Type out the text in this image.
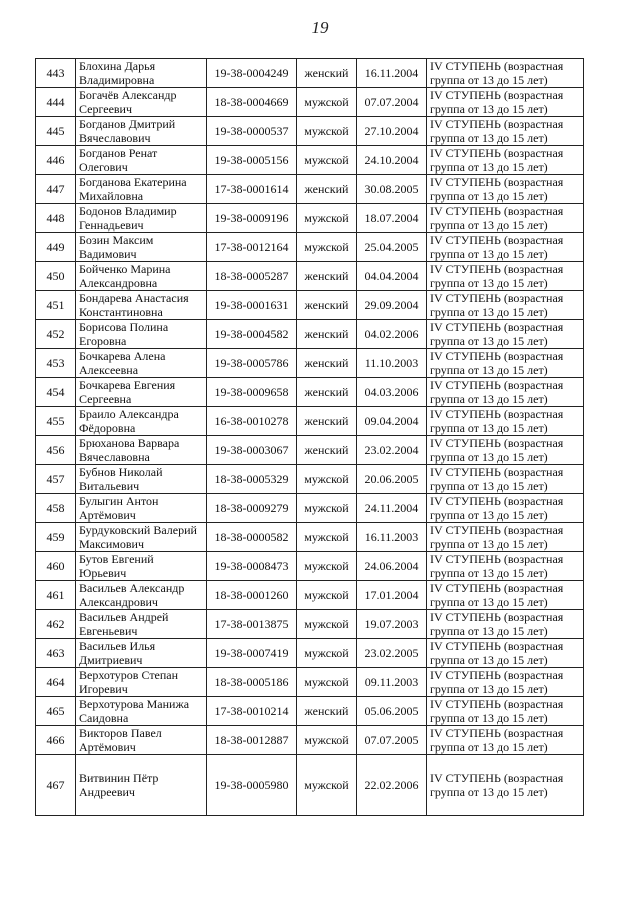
19
443	Блохина Дарья Владимировна	19-38-0004249	женский	16.11.2004	IV СТУПЕНЬ (возрастная группа от 13 до 15 лет)
444	Богачёв Александр Сергеевич	18-38-0004669	мужской	07.07.2004	IV СТУПЕНЬ (возрастная группа от 13 до 15 лет)
445	Богданов Дмитрий Вячеславович	19-38-0000537	мужской	27.10.2004	IV СТУПЕНЬ (возрастная группа от 13 до 15 лет)
446	Богданов Ренат Олегович	19-38-0005156	мужской	24.10.2004	IV СТУПЕНЬ (возрастная группа от 13 до 15 лет)
447	Богданова Екатерина Михайловна	17-38-0001614	женский	30.08.2005	IV СТУПЕНЬ (возрастная группа от 13 до 15 лет)
448	Бодонов Владимир Геннадьевич	19-38-0009196	мужской	18.07.2004	IV СТУПЕНЬ (возрастная группа от 13 до 15 лет)
449	Бозин Максим Вадимович	17-38-0012164	мужской	25.04.2005	IV СТУПЕНЬ (возрастная группа от 13 до 15 лет)
450	Бойченко Марина Александровна	18-38-0005287	женский	04.04.2004	IV СТУПЕНЬ (возрастная группа от 13 до 15 лет)
451	Бондарева Анастасия Константиновна	19-38-0001631	женский	29.09.2004	IV СТУПЕНЬ (возрастная группа от 13 до 15 лет)
452	Борисова Полина Егоровна	19-38-0004582	женский	04.02.2006	IV СТУПЕНЬ (возрастная группа от 13 до 15 лет)
453	Бочкарева Алена Алексеевна	19-38-0005786	женский	11.10.2003	IV СТУПЕНЬ (возрастная группа от 13 до 15 лет)
454	Бочкарева Евгения Сергеевна	19-38-0009658	женский	04.03.2006	IV СТУПЕНЬ (возрастная группа от 13 до 15 лет)
455	Браило Александра Фёдоровна	16-38-0010278	женский	09.04.2004	IV СТУПЕНЬ (возрастная группа от 13 до 15 лет)
456	Брюханова Варвара Вячеславовна	19-38-0003067	женский	23.02.2004	IV СТУПЕНЬ (возрастная группа от 13 до 15 лет)
457	Бубнов Николай Витальевич	18-38-0005329	мужской	20.06.2005	IV СТУПЕНЬ (возрастная группа от 13 до 15 лет)
458	Булыгин Антон Артёмович	18-38-0009279	мужской	24.11.2004	IV СТУПЕНЬ (возрастная группа от 13 до 15 лет)
459	Бурдуковский Валерий Максимович	18-38-0000582	мужской	16.11.2003	IV СТУПЕНЬ (возрастная группа от 13 до 15 лет)
460	Бутов Евгений Юрьевич	19-38-0008473	мужской	24.06.2004	IV СТУПЕНЬ (возрастная группа от 13 до 15 лет)
461	Васильев Александр Александрович	18-38-0001260	мужской	17.01.2004	IV СТУПЕНЬ (возрастная группа от 13 до 15 лет)
462	Васильев Андрей Евгеньевич	17-38-0013875	мужской	19.07.2003	IV СТУПЕНЬ (возрастная группа от 13 до 15 лет)
463	Васильев Илья Дмитриевич	19-38-0007419	мужской	23.02.2005	IV СТУПЕНЬ (возрастная группа от 13 до 15 лет)
464	Верхотуров Степан Игоревич	18-38-0005186	мужской	09.11.2003	IV СТУПЕНЬ (возрастная группа от 13 до 15 лет)
465	Верхотурова Манижа Саидовна	17-38-0010214	женский	05.06.2005	IV СТУПЕНЬ (возрастная группа от 13 до 15 лет)
466	Викторов Павел Артёмович	18-38-0012887	мужской	07.07.2005	IV СТУПЕНЬ (возрастная группа от 13 до 15 лет)
467	Витвинин Пётр Андреевич	19-38-0005980	мужской	22.02.2006	IV СТУПЕНЬ (возрастная группа от 13 до 15 лет)
